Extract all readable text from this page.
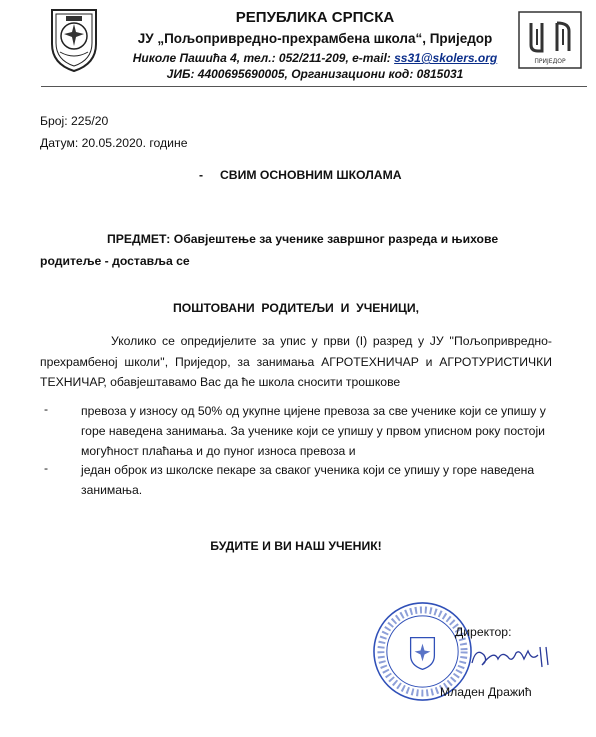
РЕПУБЛИКА СРПСКА
ЈУ „Пољопривредно-прехрамбена школа“, Приједор
Николе Пашића 4, тел.: 052/211-209, e-mail: ss31@skolers.org
ЈИБ: 4400695690005, Организациони код: 0815031
ПРИЈЕДОР
Број: 225/20
Датум: 20.05.2020. године
-     СВИМ ОСНОВНИМ ШКОЛАМА
ПРЕДМЕТ: Обавјештење за ученике завршног разреда и њихове родитеље - достављa се
ПОШТОВАНИ  РОДИТЕЉИ  И  УЧЕНИЦИ,
Уколико се опредијелите за упис у први (I) разред у ЈУ ''Пољопривредно-прехрамбеној школи'', Приједор, за занимања АГРОТЕХНИЧАР и АГРОТУРИСТИЧКИ ТЕХНИЧАР, обавјештавамо Вас да ће школа сносити трошкове
-	превоза у износу од 50% од укупне цијене превоза за све ученике који се упишу у горе наведена занимања. За ученике који се упишу у првом уписном року постоји могућност плаћања и до пуног износа превоза и
-	један оброк из школске пекаре за сваког ученика који се упишу у горе наведена занимања.
БУДИТЕ И ВИ НАШ УЧЕНИК!
Директор:
Младен Дражић
